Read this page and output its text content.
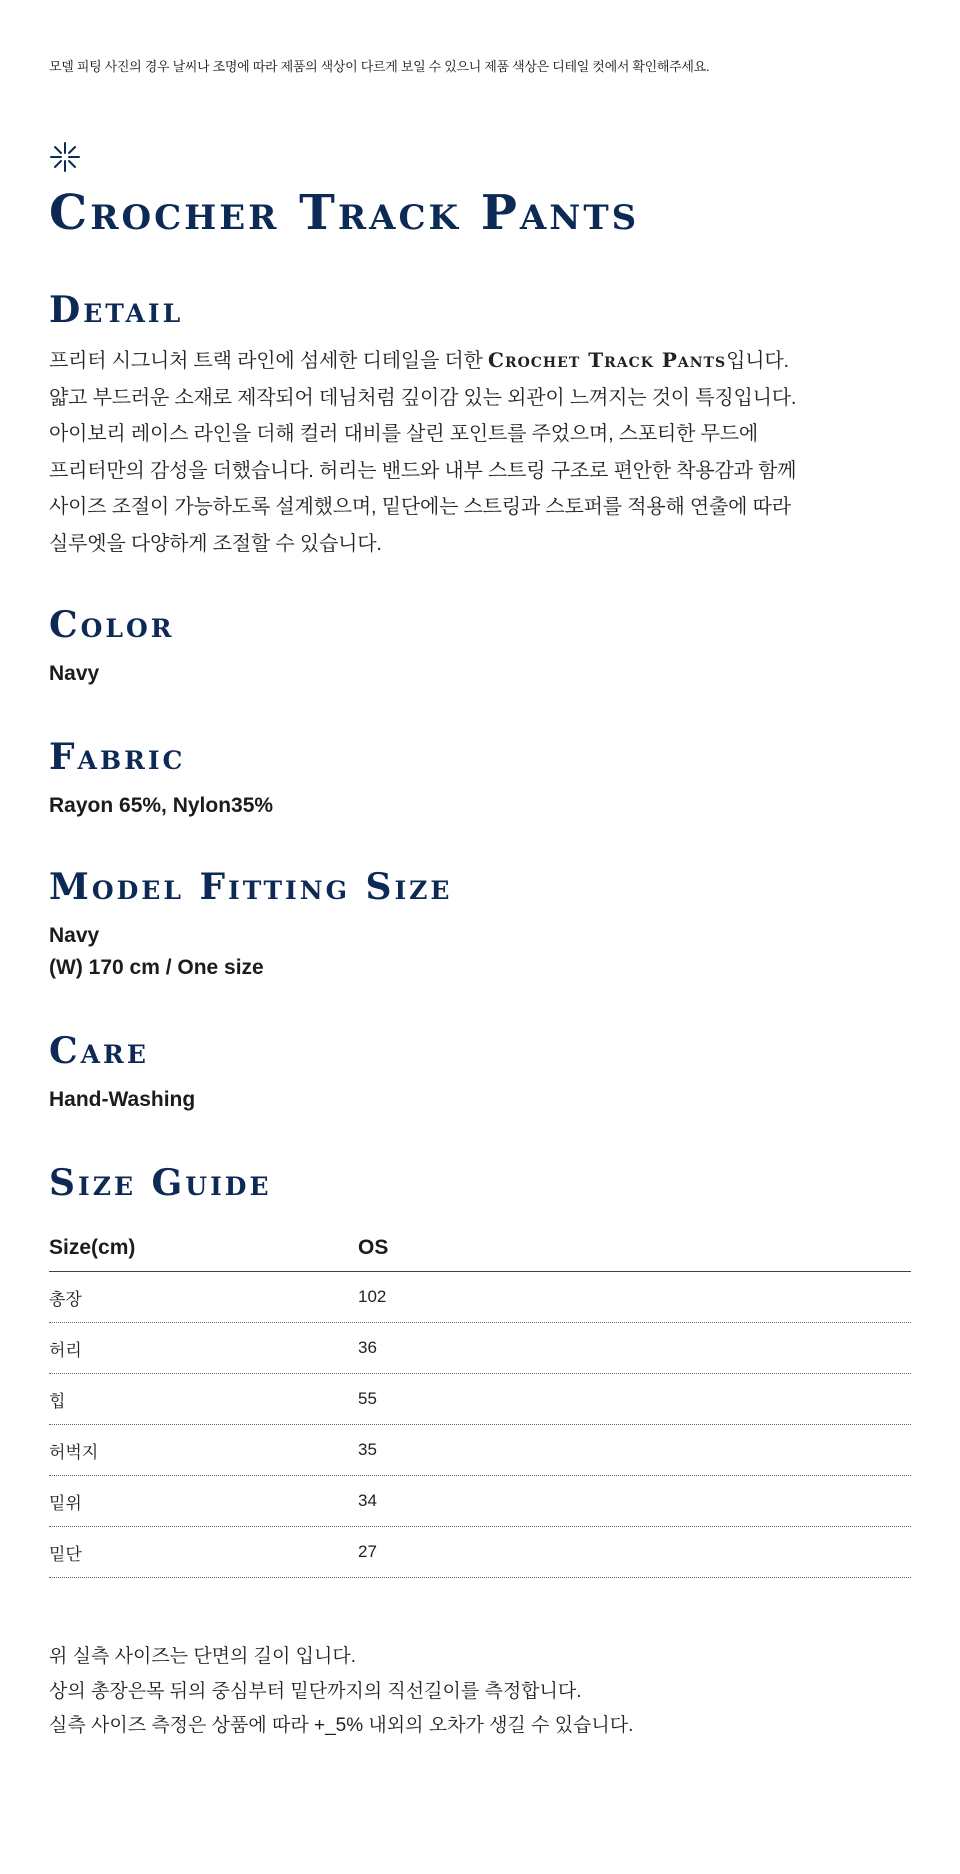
모델 피팅 사진의 경우 날씨나 조명에 따라 제품의 색상이 다르게 보일 수 있으니 제품 색상은 디테일 컷에서 확인해주세요.
Crocher Track Pants
Detail
프리터 시그니처 트랙 라인에 섬세한 디테일을 더한 Crochet Track Pants입니다.
얇고 부드러운 소재로 제작되어 데님처럼 깊이감 있는 외관이 느껴지는 것이 특징입니다.
아이보리 레이스 라인을 더해 컬러 대비를 살린 포인트를 주었으며, 스포티한 무드에
프리터만의 감성을 더했습니다. 허리는 밴드와 내부 스트링 구조로 편안한 착용감과 함께
사이즈 조절이 가능하도록 설계했으며, 밑단에는 스트링과 스토퍼를 적용해 연출에 따라
실루엣을 다양하게 조절할 수 있습니다.
Color
Navy
Fabric
Rayon 65%, Nylon35%
Model Fitting Size
Navy
(W) 170 cm / One size
Care
Hand-Washing
Size Guide
Size(cm)	OS
총장	102
허리	36
힙	55
허벅지	35
밑위	34
밑단	27
위 실측 사이즈는 단면의 길이 입니다.
상의 총장은목 뒤의 중심부터 밑단까지의 직선길이를 측정합니다.
실측 사이즈 측정은 상품에 따라 +_5% 내외의 오차가 생길 수 있습니다.
